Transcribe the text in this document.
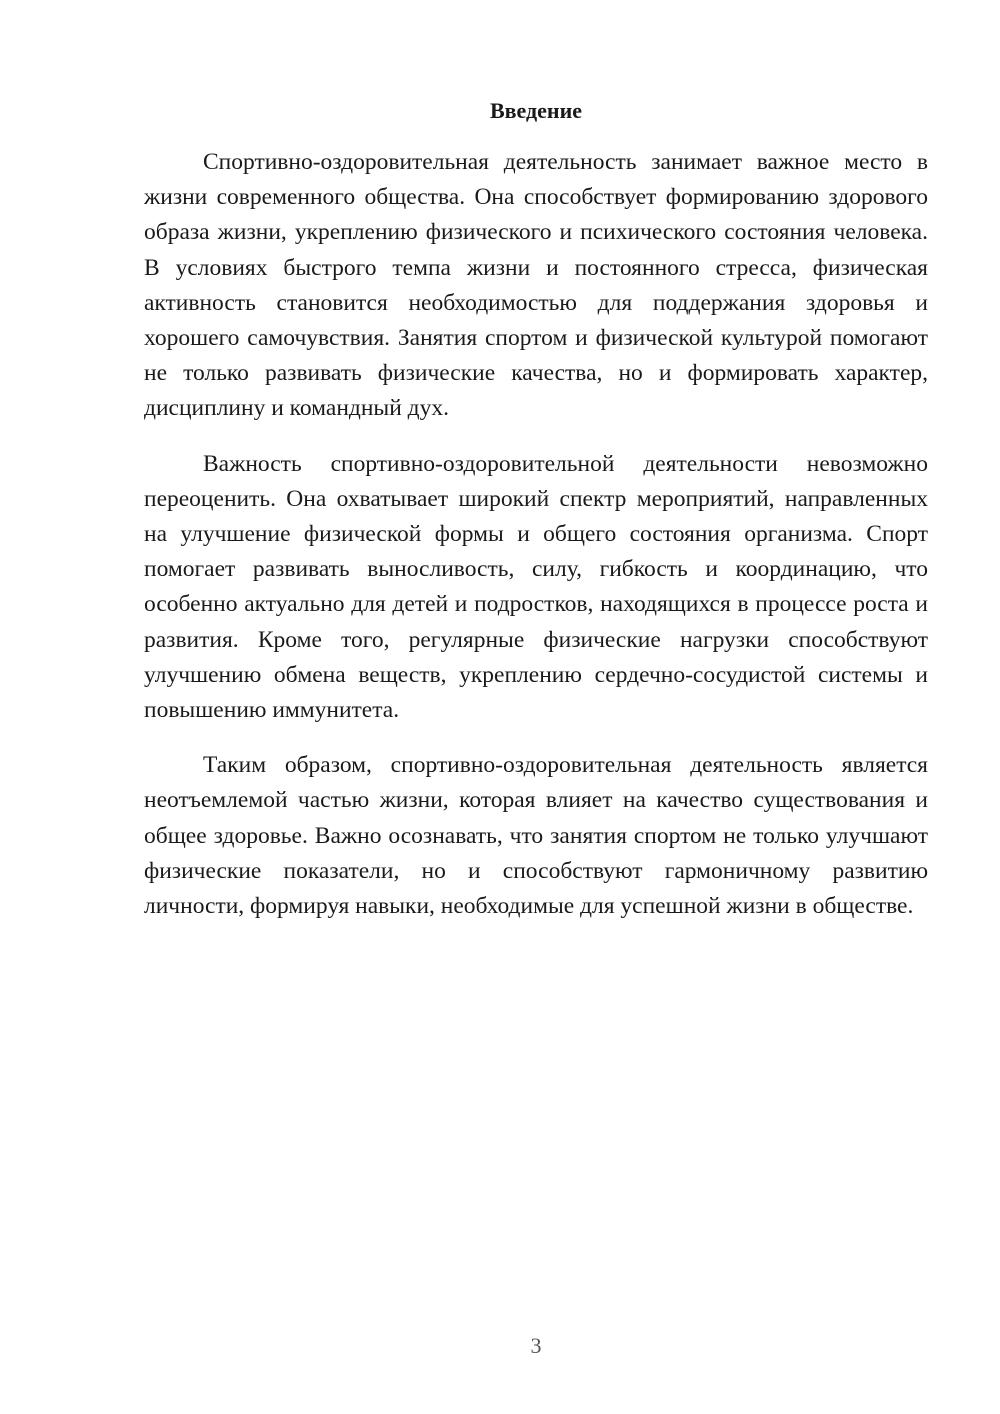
Введение

Спортивно-оздоровительная деятельность занимает важное место в жизни современного общества. Она способствует формированию здорового образа жизни, укреплению физического и психического состояния человека. В условиях быстрого темпа жизни и постоянного стресса, физическая активность становится необходимостью для поддержания здоровья и хорошего самочувствия. Занятия спортом и физической культурой помогают не только развивать физические качества, но и формировать характер, дисциплину и командный дух.

Важность спортивно-оздоровительной деятельности невозможно переоценить. Она охватывает широкий спектр мероприятий, направленных на улучшение физической формы и общего состояния организма. Спорт помогает развивать выносливость, силу, гибкость и координацию, что особенно актуально для детей и подростков, находящихся в процессе роста и развития. Кроме того, регулярные физические нагрузки способствуют улучшению обмена веществ, укреплению сердечно-сосудистой системы и повышению иммунитета.

Таким образом, спортивно-оздоровительная деятельность является неотъемлемой частью жизни, которая влияет на качество существования и общее здоровье. Важно осознавать, что занятия спортом не только улучшают физические показатели, но и способствуют гармоничному развитию личности, формируя навыки, необходимые для успешной жизни в обществе.

3
